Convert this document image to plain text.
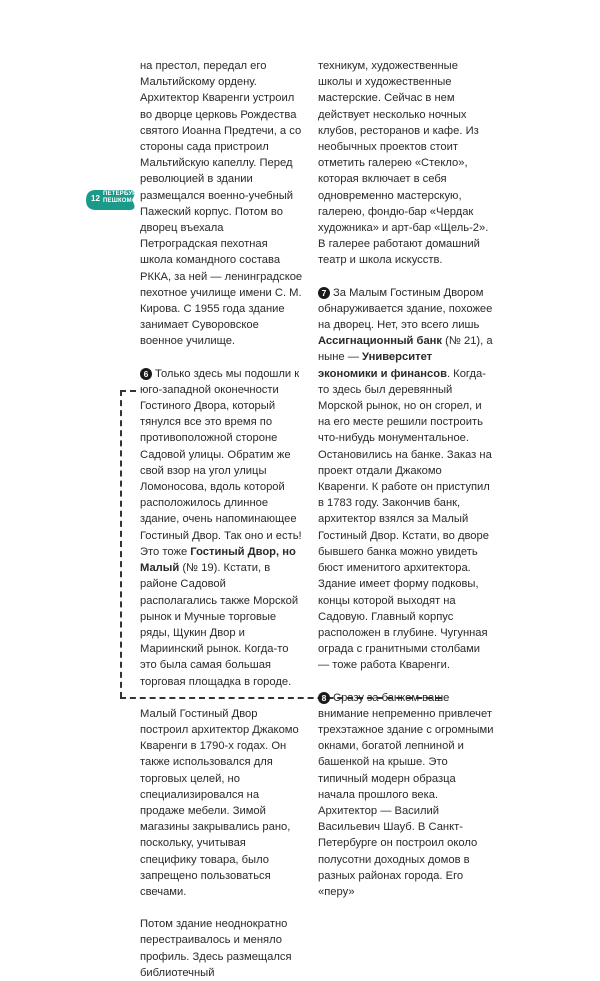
12 ПЕТЕРБУРГ
ПЕШКОМ

на престол, передал его Мальтийскому ордену. Архитектор Кваренги устроил во дворце церковь Рождества святого Иоанна Предтечи, а со стороны сада пристроил Мальтийскую капеллу. Перед революцией в здании размещался военно-учебный Пажеский корпус. Потом во дворец въехала Петроградская пехотная школа командного состава РККА, за ней — ленинградское пехотное училище имени С. М. Кирова. С 1955 года здание занимает Суворовское военное училище.

6 Только здесь мы подошли к юго-западной оконечности Гостиного Двора, который тянулся все это время по противоположной стороне Садовой улицы. Обратим же свой взор на угол улицы Ломоносова, вдоль которой расположилось длинное здание, очень напоминающее Гостиный Двор. Так оно и есть! Это тоже Гостиный Двор, но Малый (№ 19). Кстати, в районе Садовой располагались также Морской рынок и Мучные торговые ряды, Щукин Двор и Мариинский рынок. Когда-то это была самая большая торговая площадка в городе.

Малый Гостиный Двор построил архитектор Джакомо Кваренги в 1790-х годах. Он также использовался для торговых целей, но специализировался на продаже мебели. Зимой магазины закрывались рано, поскольку, учитывая специфику товара, было запрещено пользоваться свечами.

Потом здание неоднократно перестраивалось и меняло профиль. Здесь размещался библиотечный

техникум, художественные школы и художественные мастерские. Сейчас в нем действует несколько ночных клубов, ресторанов и кафе. Из необычных проектов стоит отметить галерею «Стекло», которая включает в себя одновременно мастерскую, галерею, фондю-бар «Чердак художника» и арт-бар «Щель-2». В галерее работают домашний театр и школа искусств.

7 За Малым Гостиным Двором обнаруживается здание, похожее на дворец. Нет, это всего лишь Ассигнационный банк (№ 21), а ныне — Университет экономики и финансов. Когда-то здесь был деревянный Морской рынок, но он сгорел, и на его месте решили построить что-нибудь монументальное. Остановились на банке. Заказ на проект отдали Джакомо Кваренги. К работе он приступил в 1783 году. Закончив банк, архитектор взялся за Малый Гостиный Двор. Кстати, во дворе бывшего банка можно увидеть бюст именитого архитектора. Здание имеет форму подковы, концы которой выходят на Садовую. Главный корпус расположен в глубине. Чугунная ограда с гранитными столбами — тоже работа Кваренги.

8 Сразу за банком ваше внимание непременно привлечет трехэтажное здание с огромными окнами, богатой лепниной и башенкой на крыше. Это типичный модерн образца начала прошлого века. Архитектор — Василий Васильевич Шауб. В Санкт-Петербурге он построил около полусотни доходных домов в разных районах города. Его «перу»
